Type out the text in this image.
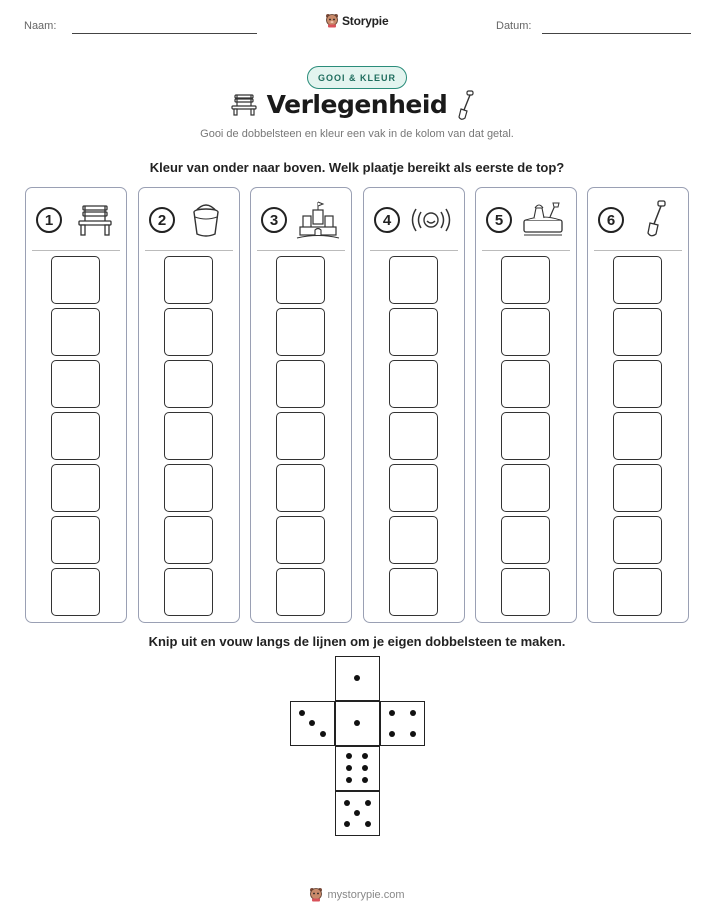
Naam:	Datum:
Storypie
GOOI & KLEUR
Verlegenheid
Gooi de dobbelsteen en kleur een vak in de kolom van dat getal.
Kleur van onder naar boven. Welk plaatje bereikt als eerste de top?
1	2	3	4	5	6
Knip uit en vouw langs de lijnen om je eigen dobbelsteen te maken.
mystorypie.com
